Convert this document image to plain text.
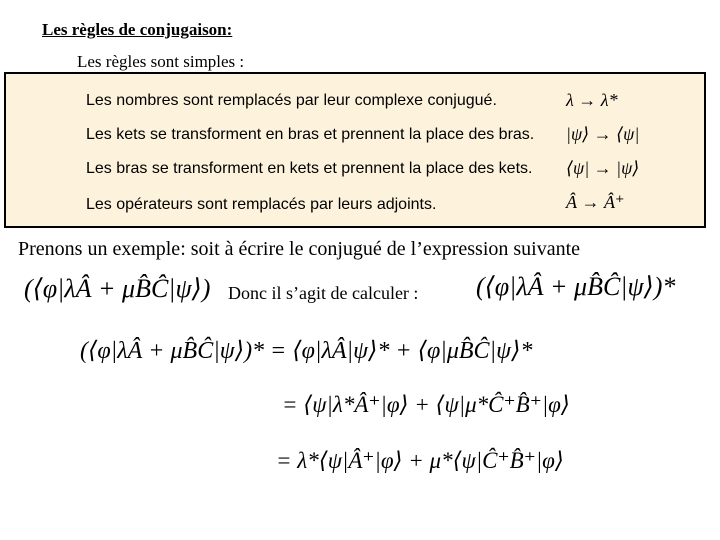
Les règles de conjugaison:
Les règles sont simples :
Les nombres sont remplacés par leur complexe conjugué.	λ → λ*
Les kets se transforment en bras et prennent la place des bras. |ψ⟩ → ⟨ψ|
Les bras se transforment en kets et prennent la place des kets. ⟨ψ| → |ψ⟩
Les opérateurs sont remplacés par leurs adjoints.	Â → Â⁺
Prenons un exemple: soit à écrire le conjugué de l’expression suivante
(⟨φ|λÂ + μB̂Ĉ|ψ⟩) Donc il s’agit de calculer : (⟨φ|λÂ + μB̂Ĉ|ψ⟩)*
(⟨φ|λÂ + μB̂Ĉ|ψ⟩)* = ⟨φ|λÂ|ψ⟩* + ⟨φ|μB̂Ĉ|ψ⟩*
= ⟨ψ|λ*Â⁺|φ⟩ + ⟨ψ|μ*Ĉ⁺B̂⁺|φ⟩
= λ*⟨ψ|Â⁺|φ⟩ + μ*⟨ψ|Ĉ⁺B̂⁺|φ⟩
